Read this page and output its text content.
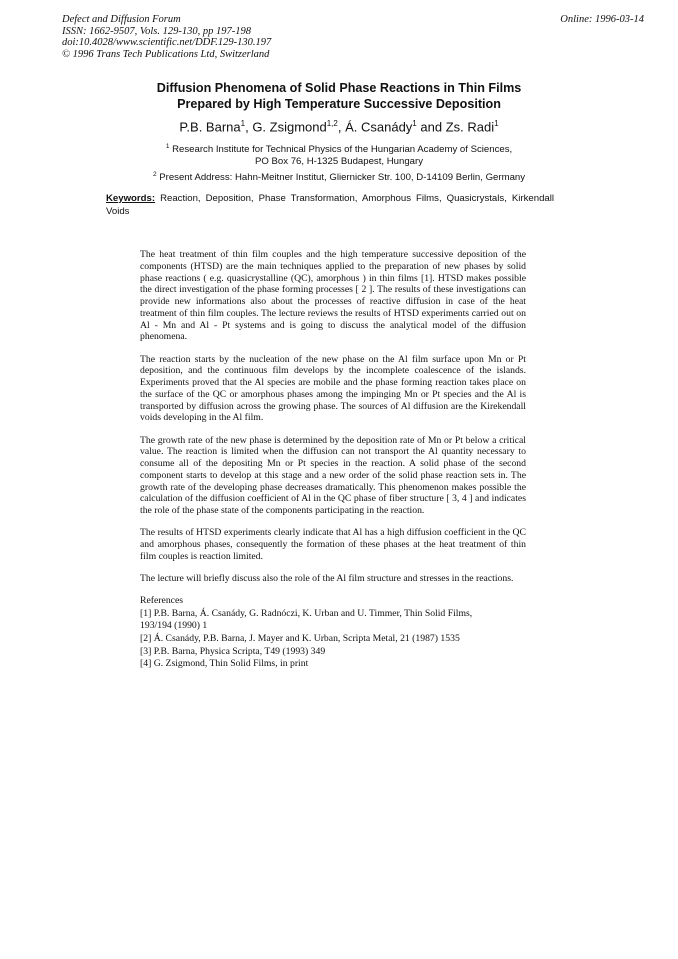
Defect and Diffusion Forum
ISSN: 1662-9507, Vols. 129-130, pp 197-198
doi:10.4028/www.scientific.net/DDF.129-130.197
© 1996 Trans Tech Publications Ltd, Switzerland
Online: 1996-03-14
Diffusion Phenomena of Solid Phase Reactions in Thin Films
Prepared by High Temperature Successive Deposition
P.B. Barna$^1$, G. Zsigmond$^{1,2}$, Á. Csanády$^1$ and Zs. Radi$^1$
$^1$ Research Institute for Technical Physics of the Hungarian Academy of Sciences,
PO Box 76, H-1325 Budapest, Hungary
$^2$ Present Address: Hahn-Meitner Institut, Gliernicker Str. 100, D-14109 Berlin, Germany
Keywords: Reaction, Deposition, Phase Transformation, Amorphous Films, Quasicrystals, Kirkendall Voids

The heat treatment of thin film couples and the high temperature successive deposition of the components (HTSD) are the main techniques applied to the preparation of new phases by solid phase reactions ( e.g. quasicrystalline (QC), amorphous ) in thin films [1]. HTSD makes possible the direct investigation of the phase forming processes [ 2 ]. The results of these investigations can provide new informations also about the processes of reactive diffusion in case of the heat treatment of thin film couples. The lecture reviews the results of HTSD experiments carried out on Al - Mn and Al - Pt systems and is going to discuss the analytical model of the diffusion phenomena.

The reaction starts by the nucleation of the new phase on the Al film surface upon Mn or Pt deposition, and the continuous film develops by the incomplete coalescence of the islands. Experiments proved that the Al species are mobile and the phase forming reaction takes place on the surface of the QC or amorphous phases among the impinging Mn or Pt species and the Al is transported by diffusion across the growing phase. The sources of Al diffusion are the Kirekendall voids developing in the Al film.

The growth rate of the new phase is determined by the deposition rate of Mn or Pt below a critical value. The reaction is limited when the diffusion can not transport the Al quantity necessary to consume all of the depositing Mn or Pt species in the reaction. A solid phase of the second component starts to develop at this stage and a new order of the solid phase reaction sets in. The growth rate of the developing phase decreases dramatically. This phenomenon makes possible the calculation of the diffusion coefficient of Al in the QC phase of fiber structure [ 3, 4 ] and indicates the role of the phase state of the components participating in the reaction.

The results of HTSD experiments clearly indicate that Al has a high diffusion coefficient in the QC and amorphous phases, consequently the formation of these phases at the heat treatment of thin film couples is reaction limited.

The lecture will briefly discuss also the role of the Al film structure and stresses in the reactions.

References
[1] P.B. Barna, Á. Csanády, G. Radnóczi, K. Urban and U. Timmer, Thin Solid Films,
193/194 (1990) 1
[2] Á. Csanády, P.B. Barna, J. Mayer and K. Urban, Scripta Metal, 21 (1987) 1535
[3] P.B. Barna, Physica Scripta, T49 (1993) 349
[4] G. Zsigmond, Thin Solid Films, in print
